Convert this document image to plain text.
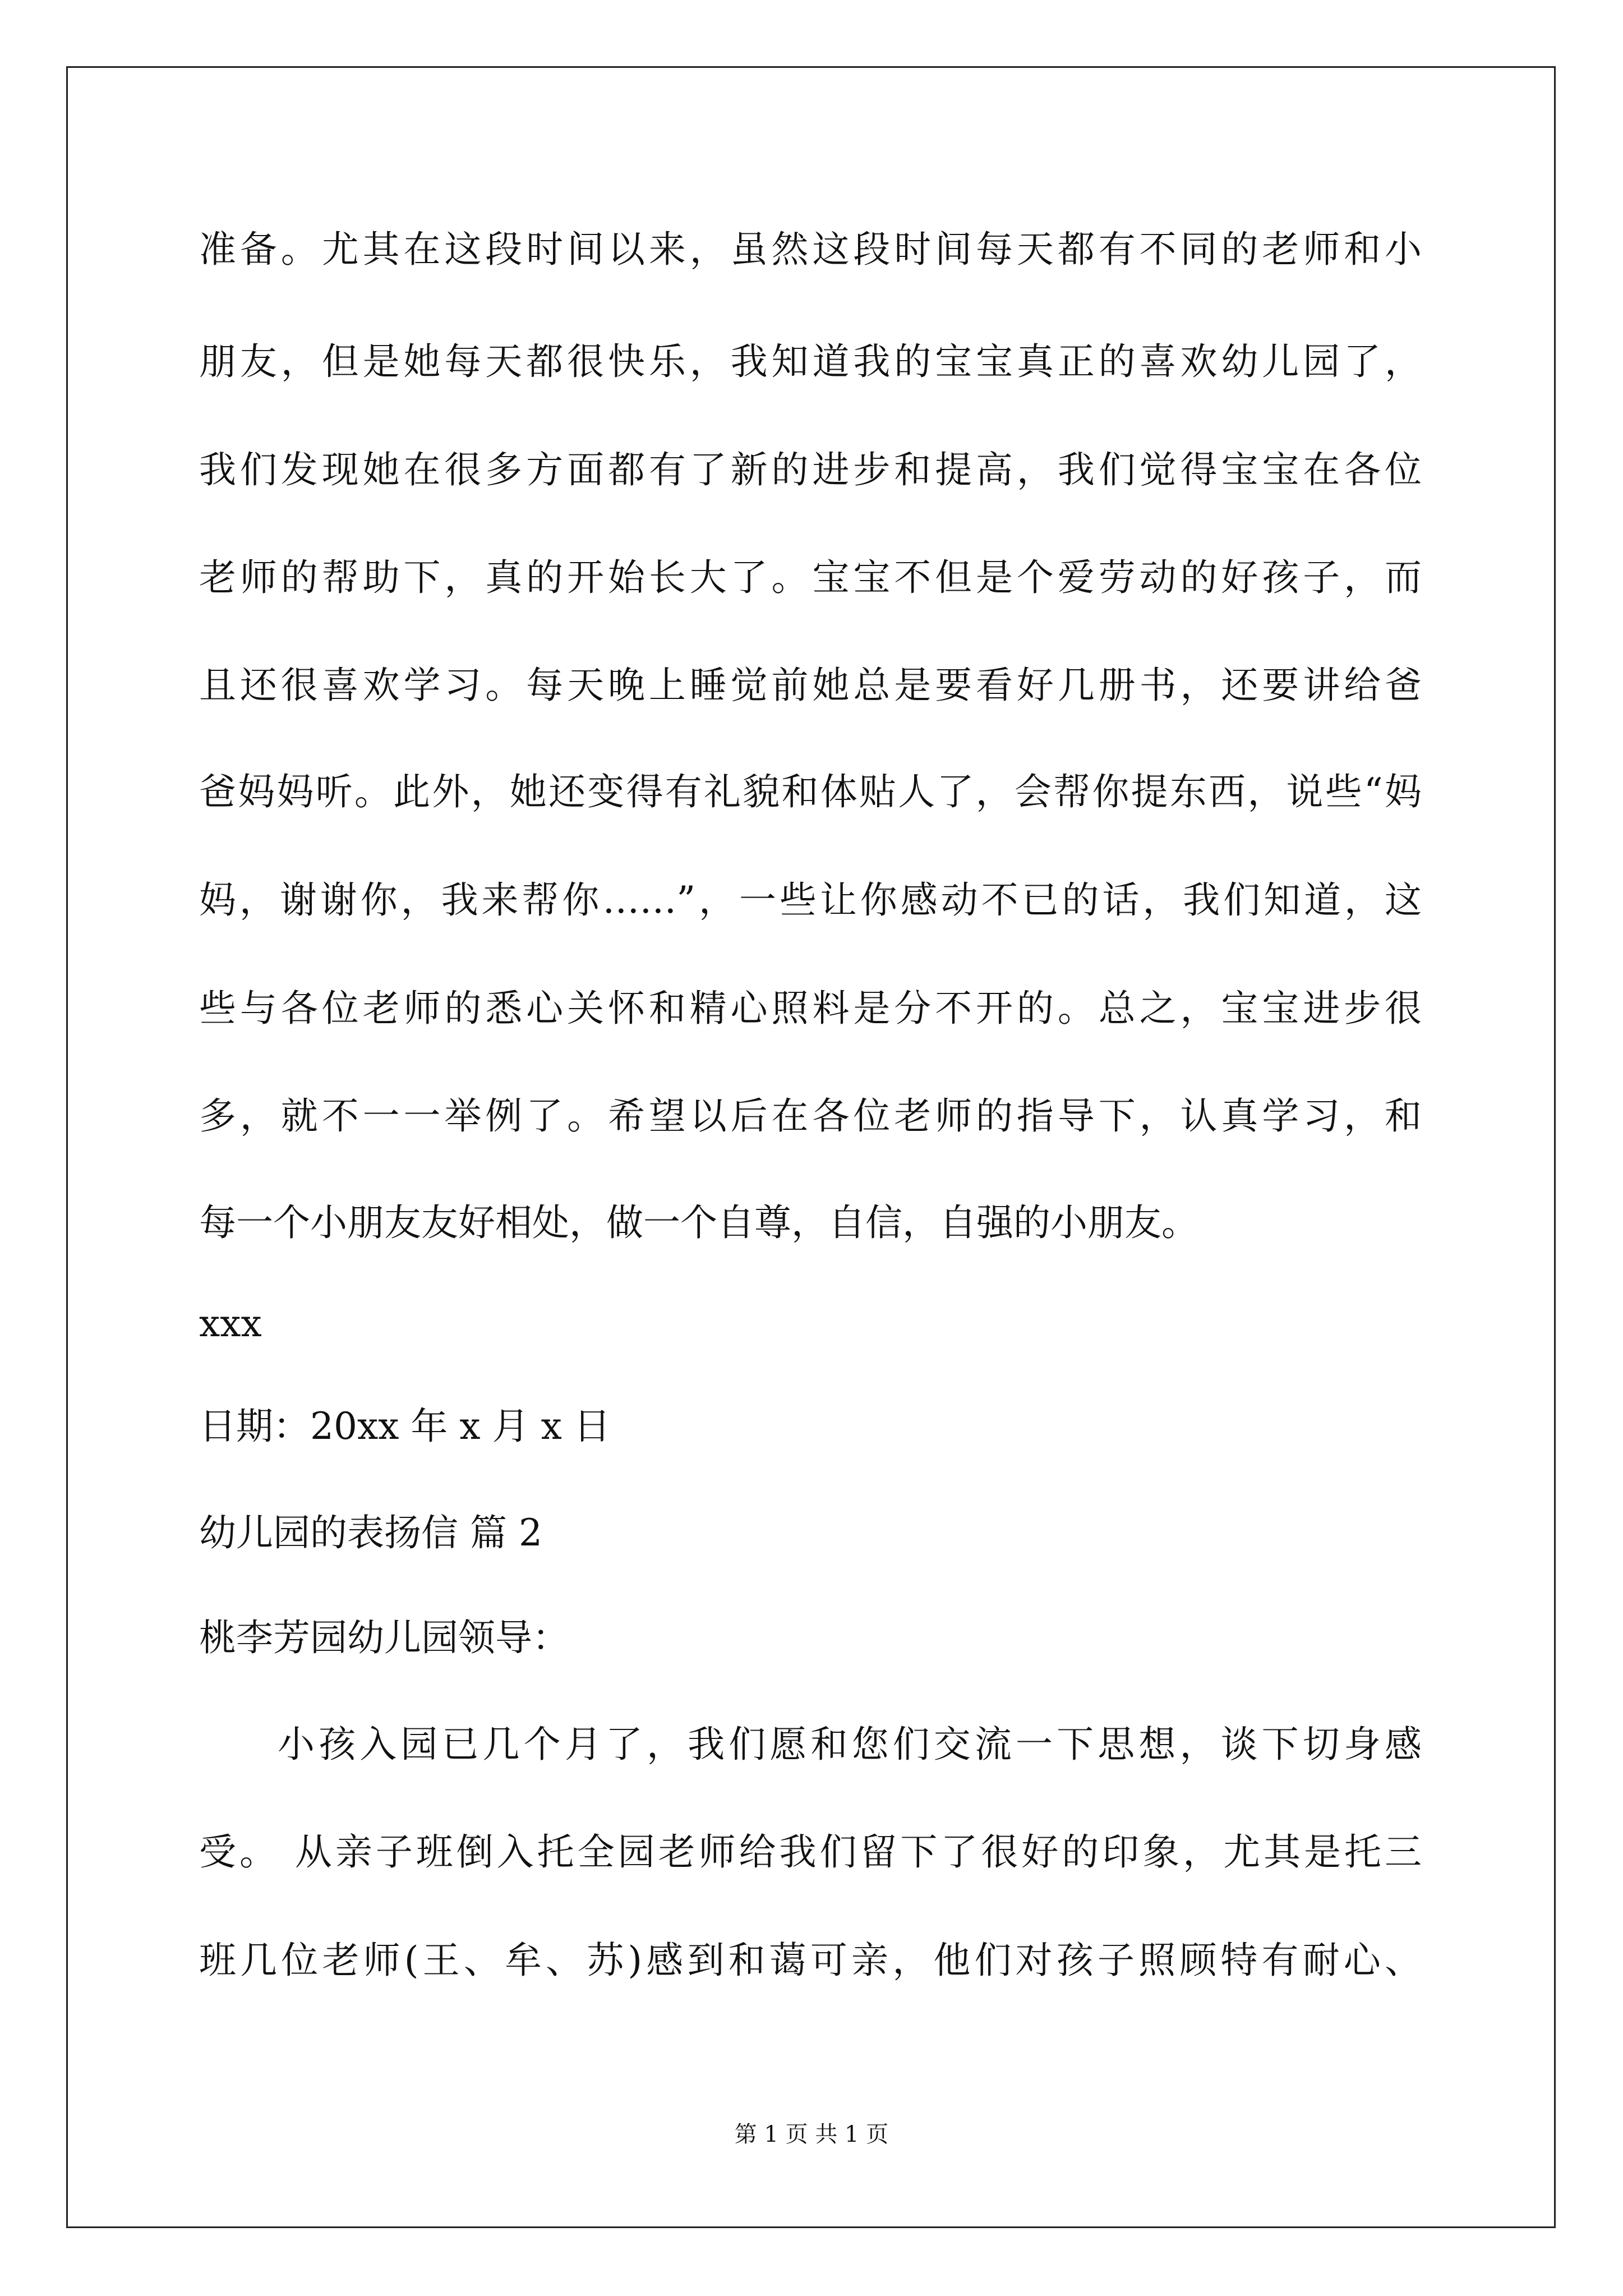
准备。尤其在这段时间以来，虽然这段时间每天都有不同的老师和小
朋友，但是她每天都很快乐，我知道我的宝宝真正的喜欢幼儿园了，
我们发现她在很多方面都有了新的进步和提高，我们觉得宝宝在各位
老师的帮助下，真的开始长大了。宝宝不但是个爱劳动的好孩子，而
且还很喜欢学习。每天晚上睡觉前她总是要看好几册书，还要讲给爸
爸妈妈听。此外，她还变得有礼貌和体贴人了，会帮你提东西，说些“妈
妈，谢谢你，我来帮你……”，一些让你感动不已的话，我们知道，这
些与各位老师的悉心关怀和精心照料是分不开的。总之，宝宝进步很
多，就不一一举例了。希望以后在各位老师的指导下，认真学习，和
每一个小朋友友好相处，做一个自尊，自信，自强的小朋友。
xxx
日期：20xx 年 x 月 x 日
幼儿园的表扬信 篇 2
桃李芳园幼儿园领导：
小孩入园已几个月了，我们愿和您们交流一下思想，谈下切身感
受。 从亲子班倒入托全园老师给我们留下了很好的印象，尤其是托三
班几位老师(王、牟、苏)感到和蔼可亲，他们对孩子照顾特有耐心、
第 1 页 共 1 页
